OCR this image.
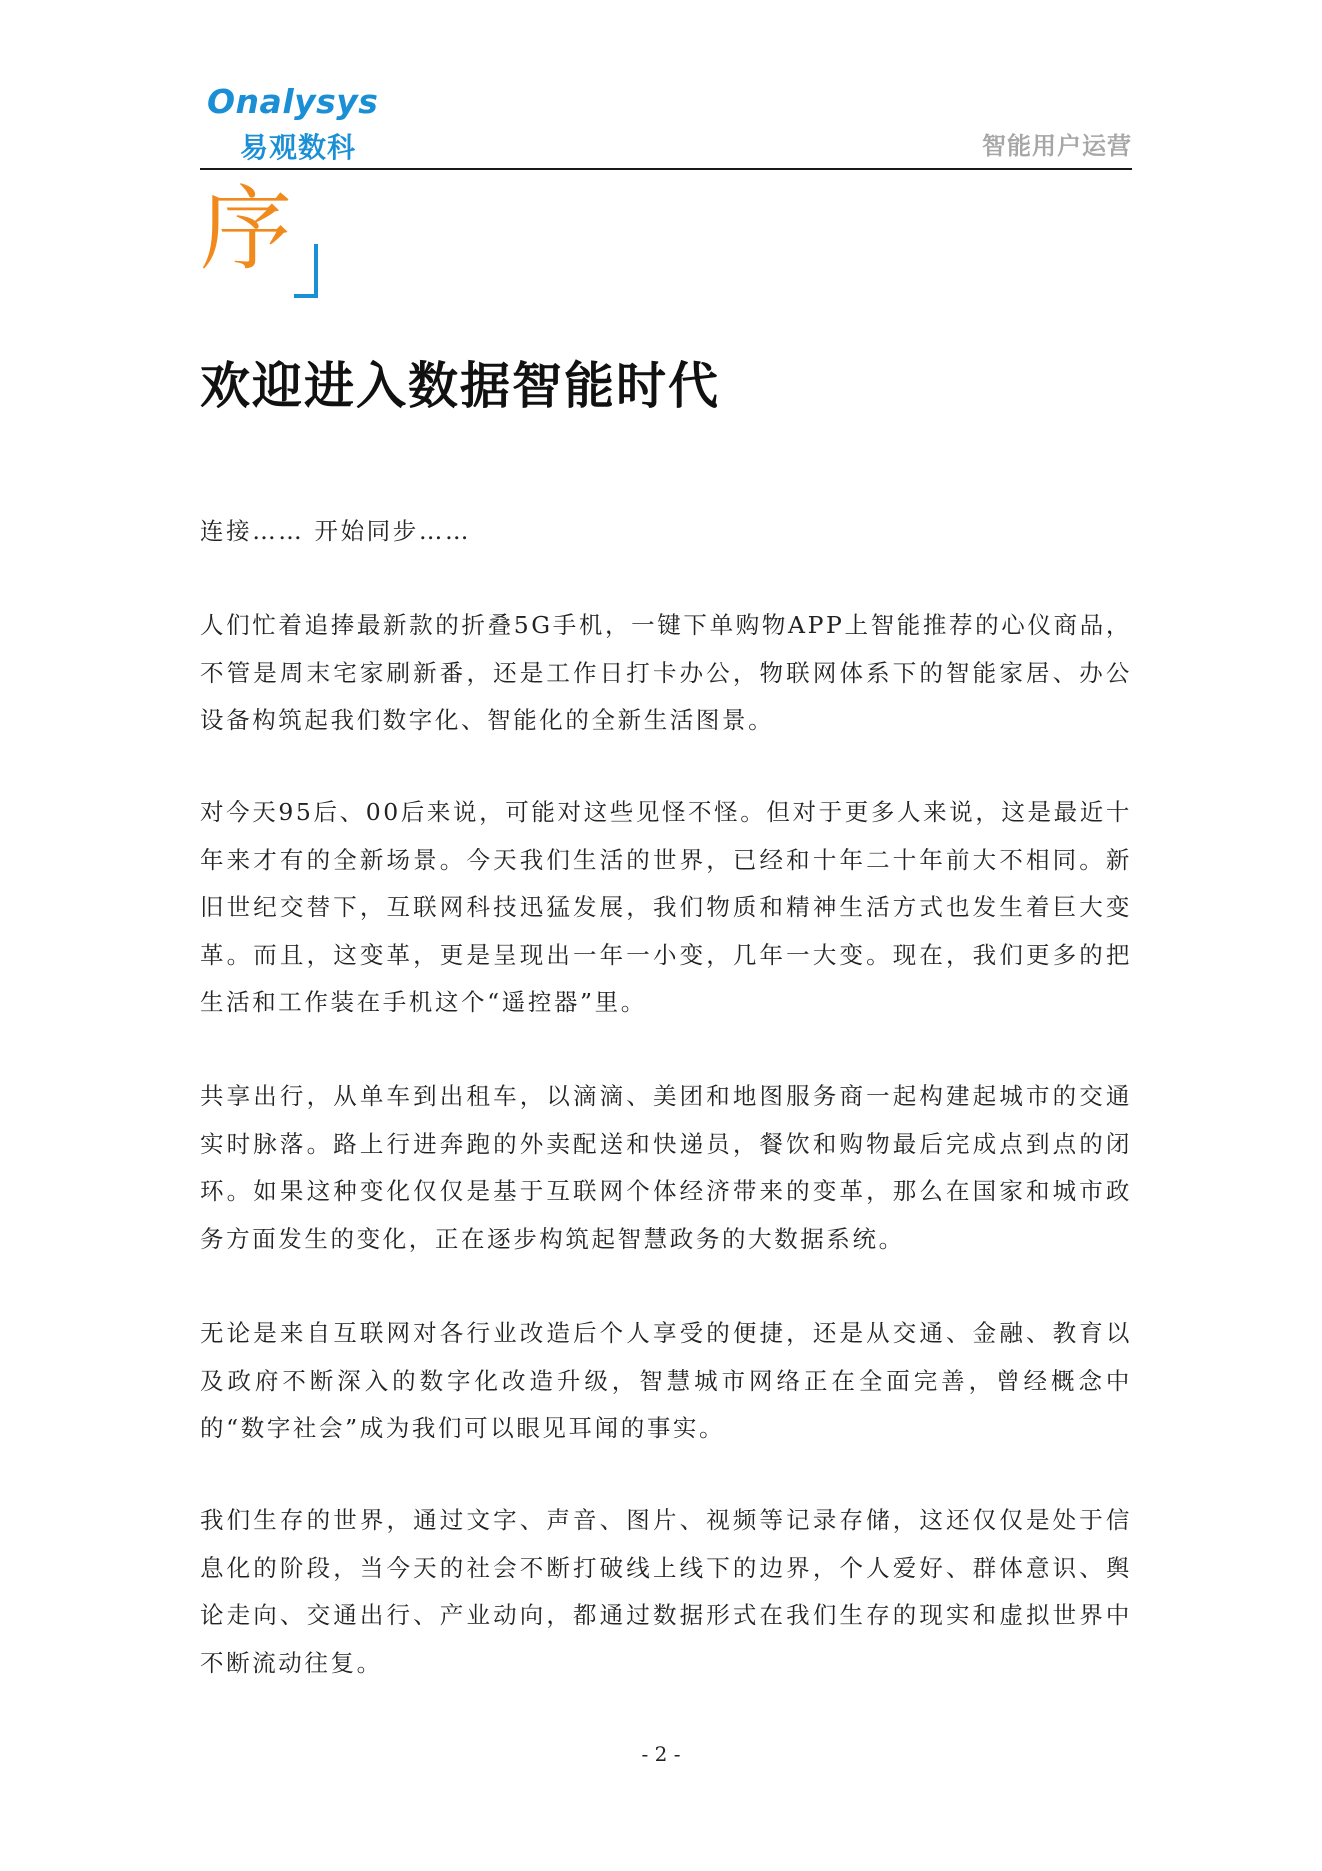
Onalysys
易观数科	智能用户运营
序
欢迎进入数据智能时代

连接…… 开始同步……

人们忙着追捧最新款的折叠5G手机，一键下单购物APP上智能推荐的心仪商品，不管是周末宅家刷新番，还是工作日打卡办公，物联网体系下的智能家居、办公设备构筑起我们数字化、智能化的全新生活图景。

对今天95后、00后来说，可能对这些见怪不怪。但对于更多人来说，这是最近十年来才有的全新场景。今天我们生活的世界，已经和十年二十年前大不相同。新旧世纪交替下，互联网科技迅猛发展，我们物质和精神生活方式也发生着巨大变革。而且，这变革，更是呈现出一年一小变，几年一大变。现在，我们更多的把生活和工作装在手机这个“遥控器”里。

共享出行，从单车到出租车，以滴滴、美团和地图服务商一起构建起城市的交通实时脉落。路上行进奔跑的外卖配送和快递员，餐饮和购物最后完成点到点的闭环。如果这种变化仅仅是基于互联网个体经济带来的变革，那么在国家和城市政务方面发生的变化，正在逐步构筑起智慧政务的大数据系统。

无论是来自互联网对各行业改造后个人享受的便捷，还是从交通、金融、教育以及政府不断深入的数字化改造升级，智慧城市网络正在全面完善，曾经概念中的“数字社会”成为我们可以眼见耳闻的事实。

我们生存的世界，通过文字、声音、图片、视频等记录存储，这还仅仅是处于信息化的阶段，当今天的社会不断打破线上线下的边界，个人爱好、群体意识、舆论走向、交通出行、产业动向，都通过数据形式在我们生存的现实和虚拟世界中不断流动往复。

- 2 -
